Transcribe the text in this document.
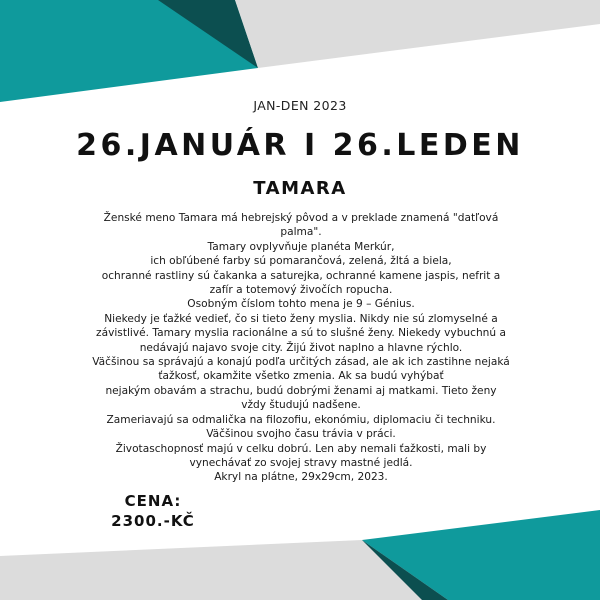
JAN-DEN 2023
26.JANUÁR I 26.LEDEN
TAMARA
Ženské meno Tamara má hebrejský pôvod a v preklade znamená "datľová palma".
Tamary ovplyvňuje planéta Merkúr,
ich obľúbené farby sú pomarančová, zelená, žltá a biela,
ochranné rastliny sú čakanka a saturejka, ochranné kamene jaspis, nefrit a zafír a totemový živočích ropucha.
Osobným číslom tohto mena je 9 – Génius.
Niekedy je ťažké vedieť, čo si tieto ženy myslia. Nikdy nie sú zlomyselné a závistlivé. Tamary myslia racionálne a sú to slušné ženy. Niekedy vybuchnú a nedávajú najavo svoje city. Žijú život naplno a hlavne rýchlo.
Väčšinou sa správajú a konajú podľa určitých zásad, ale ak ich zastihne nejaká ťažkosť, okamžite všetko zmenia. Ak sa budú vyhýbať
nejakým obavám a strachu, budú dobrými ženami aj matkami. Tieto ženy vždy študujú nadšene.
Zameriavajú sa odmalička na filozofiu, ekonómiu, diplomaciu či techniku. Väčšinou svojho času trávia v práci.
Životaschopnosť majú v celku dobrú. Len aby nemali ťažkosti, mali by vynechávať zo svojej stravy mastné jedlá.
Akryl na plátne, 29x29cm, 2023.
CENA:
2300.-KČ
